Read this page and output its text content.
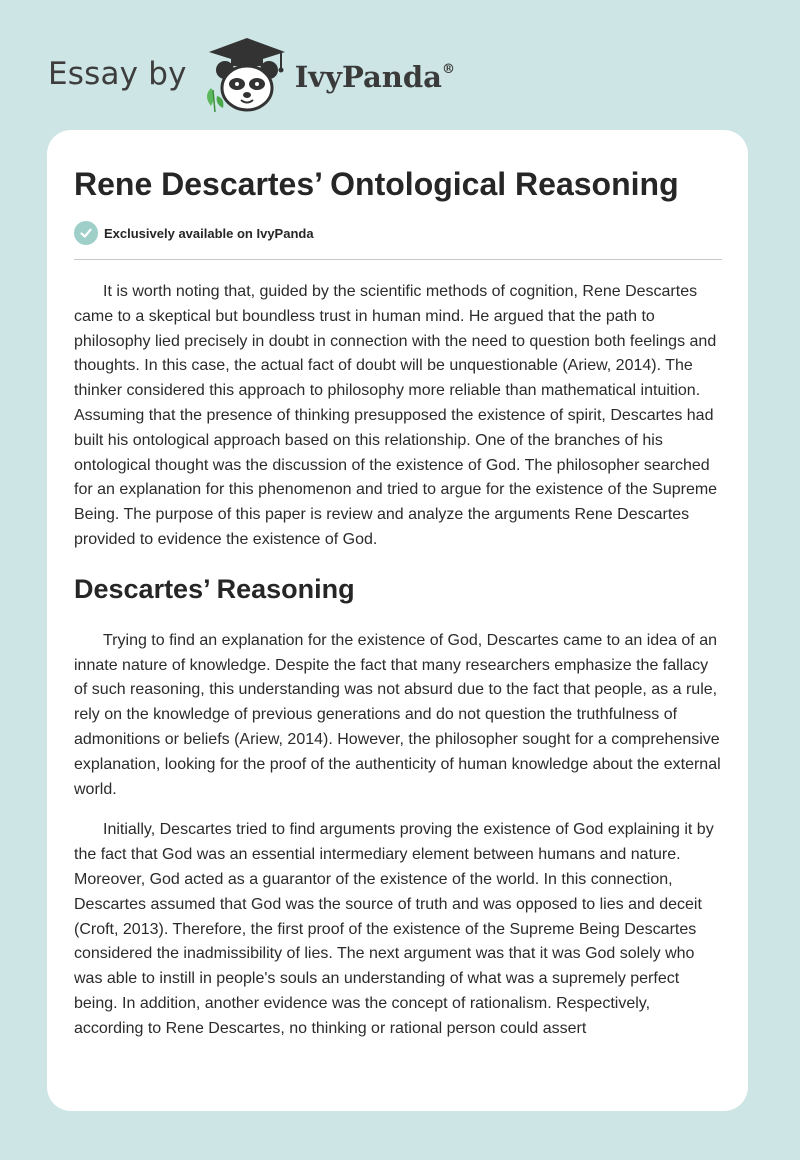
Essay by	IvyPanda®
Rene Descartes’ Ontological Reasoning
Exclusively available on IvyPanda

It is worth noting that, guided by the scientific methods of cognition, Rene Descartes came to a skeptical but boundless trust in human mind. He argued that the path to philosophy lied precisely in doubt in connection with the need to question both feelings and thoughts. In this case, the actual fact of doubt will be unquestionable (Ariew, 2014). The thinker considered this approach to philosophy more reliable than mathematical intuition. Assuming that the presence of thinking presupposed the existence of spirit, Descartes had built his ontological approach based on this relationship. One of the branches of his ontological thought was the discussion of the existence of God. The philosopher searched for an explanation for this phenomenon and tried to argue for the existence of the Supreme Being. The purpose of this paper is review and analyze the arguments Rene Descartes provided to evidence the existence of God.

Descartes’ Reasoning

Trying to find an explanation for the existence of God, Descartes came to an idea of an innate nature of knowledge. Despite the fact that many researchers emphasize the fallacy of such reasoning, this understanding was not absurd due to the fact that people, as a rule, rely on the knowledge of previous generations and do not question the truthfulness of admonitions or beliefs (Ariew, 2014). However, the philosopher sought for a comprehensive explanation, looking for the proof of the authenticity of human knowledge about the external world.

Initially, Descartes tried to find arguments proving the existence of God explaining it by the fact that God was an essential intermediary element between humans and nature. Moreover, God acted as a guarantor of the existence of the world. In this connection, Descartes assumed that God was the source of truth and was opposed to lies and deceit (Croft, 2013). Therefore, the first proof of the existence of the Supreme Being Descartes considered the inadmissibility of lies. The next argument was that it was God solely who was able to instill in people's souls an understanding of what was a supremely perfect being. In addition, another evidence was the concept of rationalism. Respectively, according to Rene Descartes, no thinking or rational person could assert
